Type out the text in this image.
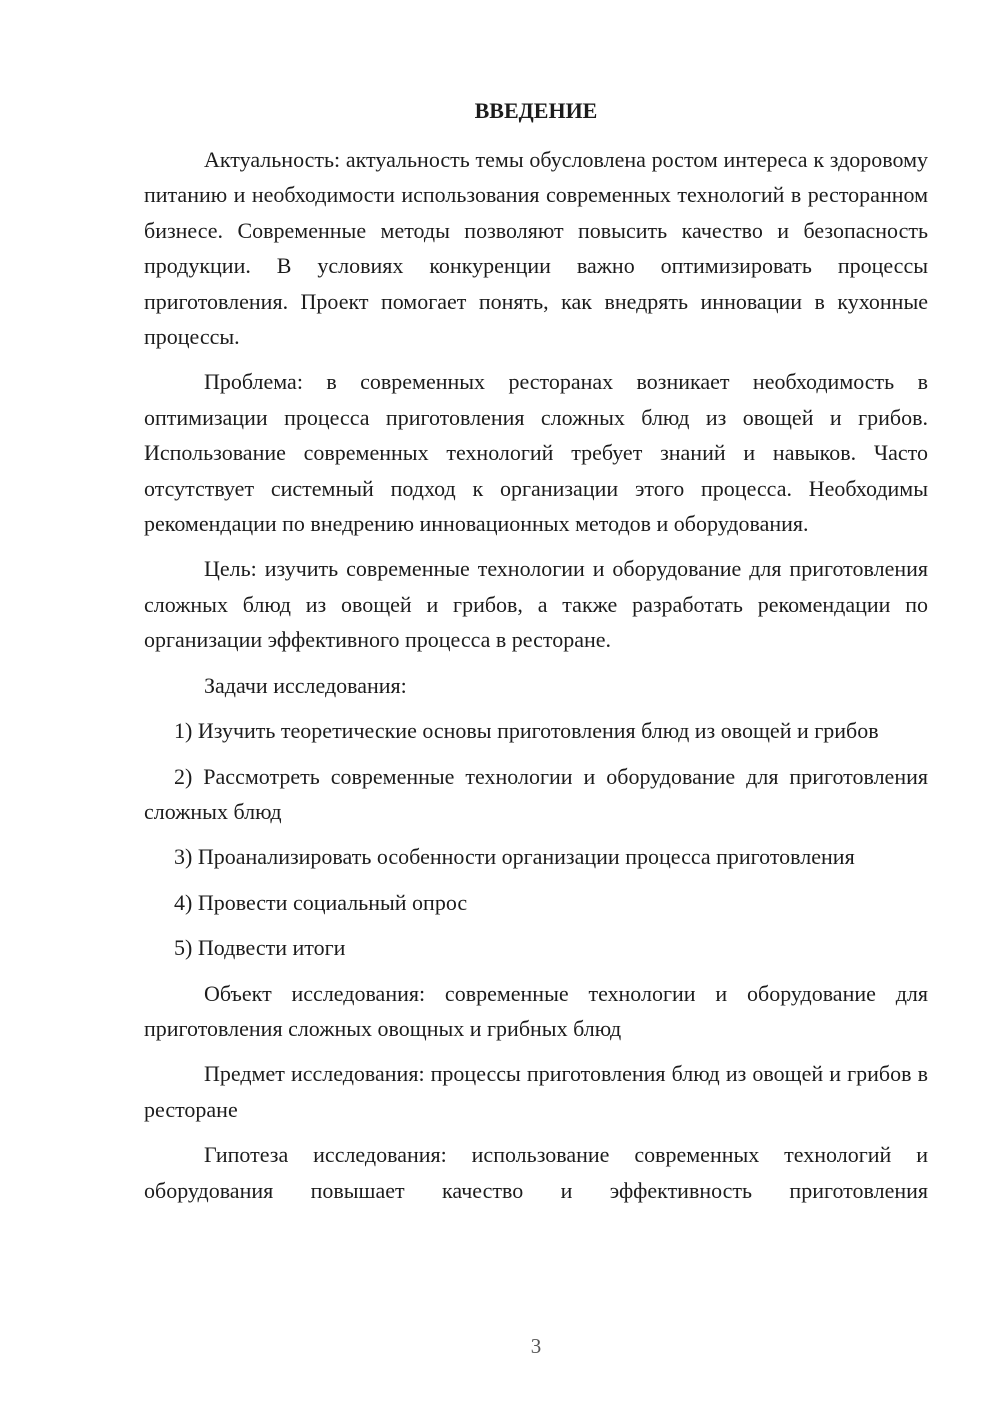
ВВЕДЕНИЕ

Актуальность: актуальность темы обусловлена ростом интереса к здоровому питанию и необходимости использования современных технологий в ресторанном бизнесе. Современные методы позволяют повысить качество и безопасность продукции. В условиях конкуренции важно оптимизировать процессы приготовления. Проект помогает понять, как внедрять инновации в кухонные процессы.

Проблема: в современных ресторанах возникает необходимость в оптимизации процесса приготовления сложных блюд из овощей и грибов. Использование современных технологий требует знаний и навыков. Часто отсутствует системный подход к организации этого процесса. Необходимы рекомендации по внедрению инновационных методов и оборудования.

Цель: изучить современные технологии и оборудование для приготовления сложных блюд из овощей и грибов, а также разработать рекомендации по организации эффективного процесса в ресторане.

Задачи исследования:

1) Изучить теоретические основы приготовления блюд из овощей и грибов

2) Рассмотреть современные технологии и оборудование для приготовления сложных блюд

3) Проанализировать особенности организации процесса приготовления

4) Провести социальный опрос

5) Подвести итоги

Объект исследования: современные технологии и оборудование для приготовления сложных овощных и грибных блюд

Предмет исследования: процессы приготовления блюд из овощей и грибов в ресторане

Гипотеза исследования: использование современных технологий и оборудования повышает качество и эффективность приготовления

3
